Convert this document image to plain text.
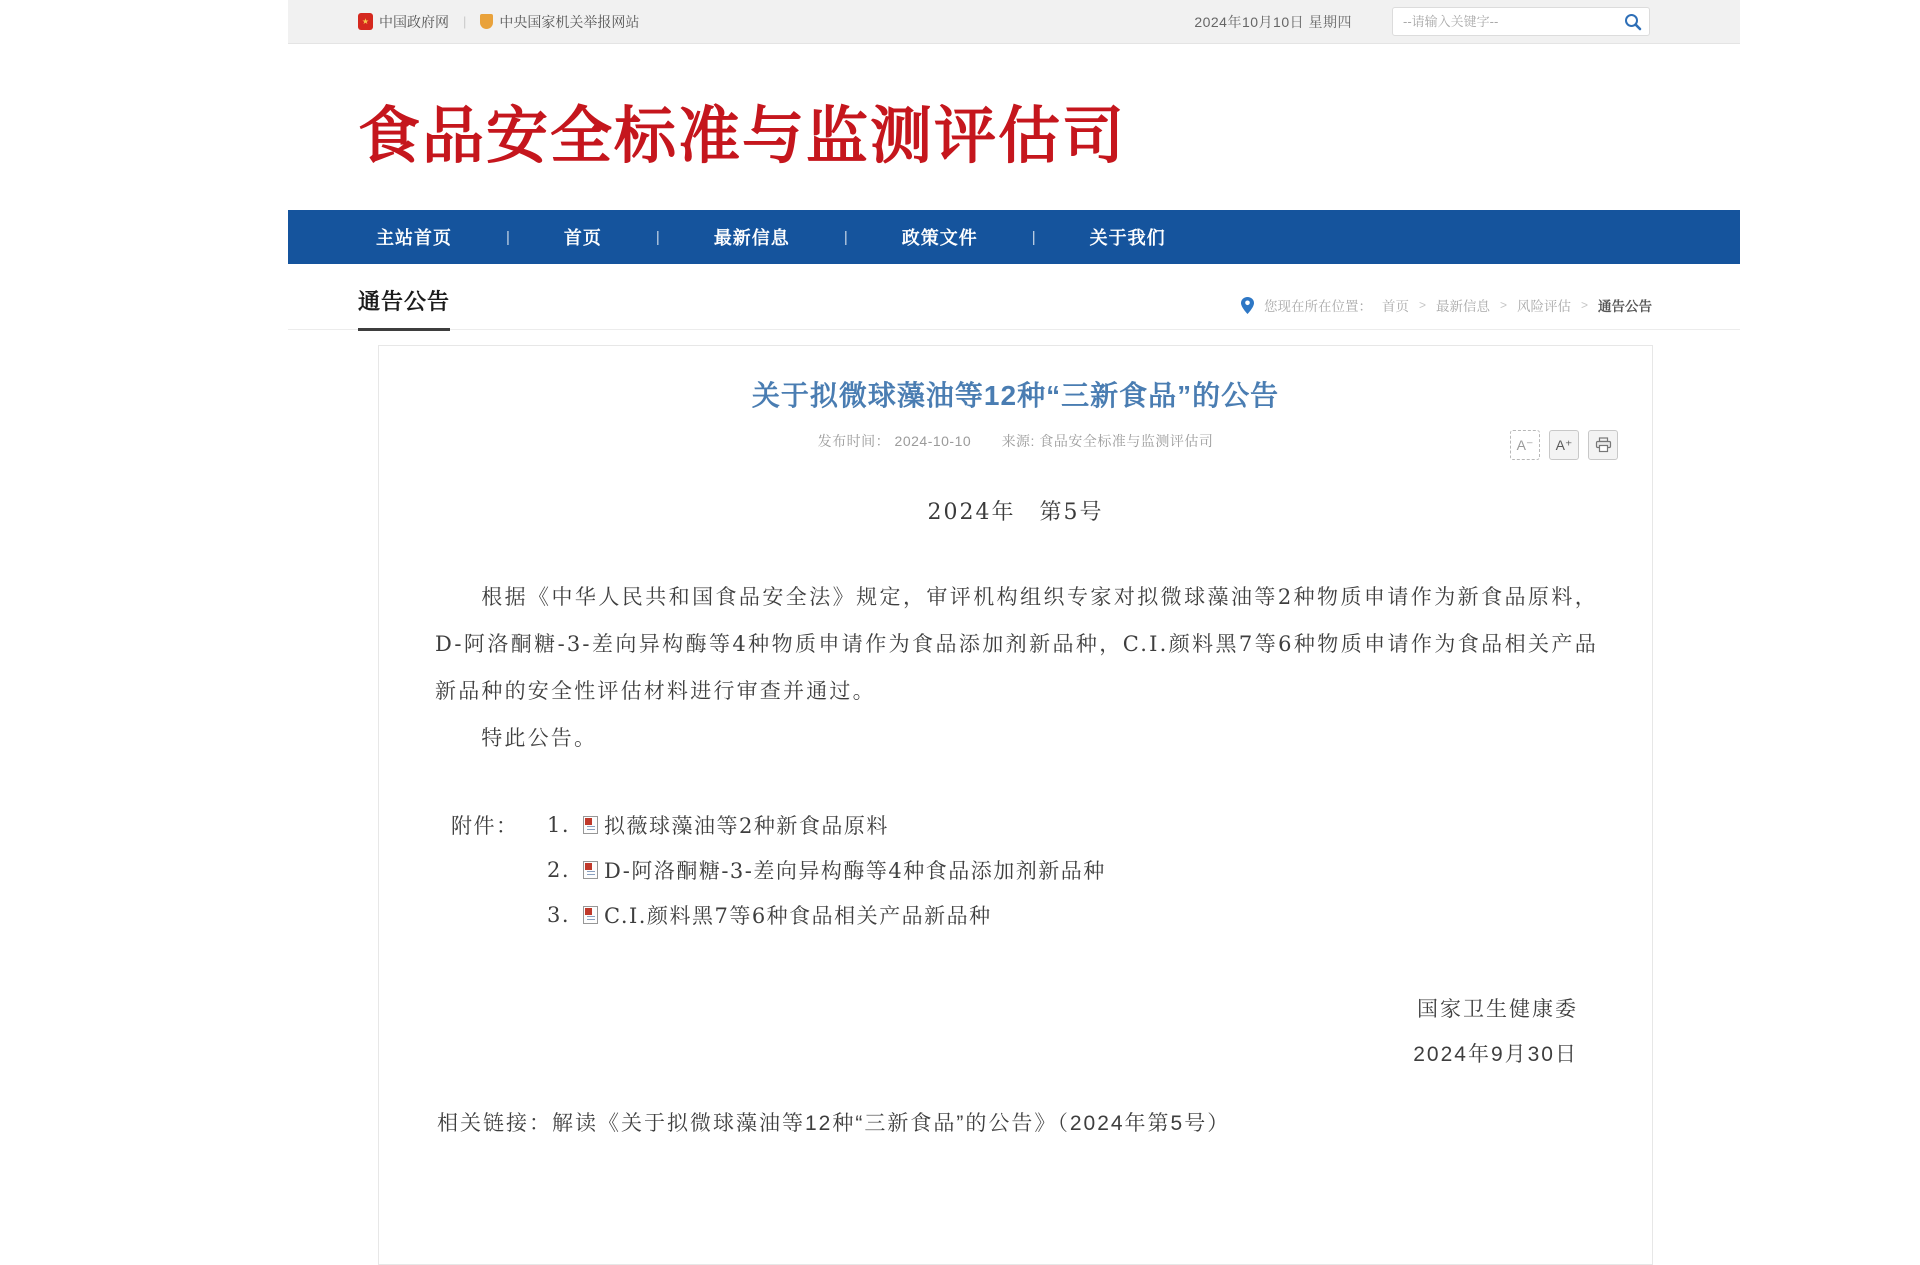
★
中国政府网 | 中央国家机关举报网站	2024年10月10日 星期四
--请输入关键字--
食品安全标准与监测评估司
主站首页	|	首页	|	最新信息	|	政策文件	|	关于我们
通告公告	您现在所在位置： 首页 > 最新信息 > 风险评估 > 通告公告
关于拟微球藻油等12种“三新食品”的公告
发布时间： 2024-10-10 来源: 食品安全标准与监测评估司	A⁻	A⁺
2024年　第5号

根据《中华人民共和国食品安全法》规定，审评机构组织专家对拟微球藻油等2种物质申请作为新食品原料，D-阿洛酮糖-3-差向异构酶等4种物质申请作为食品添加剂新品种，C.I.颜料黑7等6种物质申请作为食品相关产品新品种的安全性评估材料进行审查并通过。

特此公告。

附件：	1.	拟薇球藻油等2种新食品原料
2.	D-阿洛酮糖-3-差向异构酶等4种食品添加剂新品种
3.	C.I.颜料黑7等6种食品相关产品新品种
国家卫生健康委
2024年9月30日
相关链接：解读《关于拟微球藻油等12种“三新食品”的公告》（2024年第5号）
